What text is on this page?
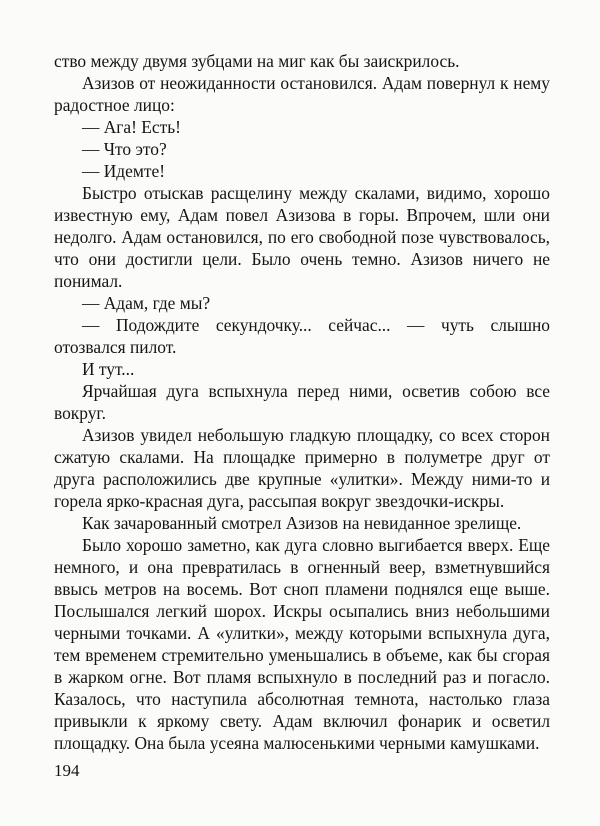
ство между двумя зубцами на миг как бы заискрилось.

Азизов от неожиданности остановился. Адам повернул к нему радостное лицо:

— Ага! Есть!

— Что это?

— Идемте!

Быстро отыскав расщелину между скалами, видимо, хорошо известную ему, Адам повел Азизова в горы. Впрочем, шли они недолго. Адам остановился, по его свободной позе чувствовалось, что они достигли цели. Было очень темно. Азизов ничего не понимал.

— Адам, где мы?

— Подождите секундочку... сейчас... — чуть слышно отозвался пилот.

И тут...

Ярчайшая дуга вспыхнула перед ними, осветив собою все вокруг.

Азизов увидел небольшую гладкую площадку, со всех сторон сжатую скалами. На площадке примерно в полуметре друг от друга расположились две крупные «улитки». Между ними-то и горела ярко-красная дуга, рассыпая вокруг звездочки-искры.

Как зачарованный смотрел Азизов на невиданное зрелище.

Было хорошо заметно, как дуга словно выгибается вверх. Еще немного, и она превратилась в огненный веер, взметнувшийся ввысь метров на восемь. Вот сноп пламени поднялся еще выше. Послышался легкий шорох. Искры осыпались вниз небольшими черными точками. А «улитки», между которыми вспыхнула дуга, тем временем стремительно уменьшались в объеме, как бы сгорая в жарком огне. Вот пламя вспыхнуло в последний раз и погасло. Казалось, что наступила абсолютная темнота, настолько глаза привыкли к яркому свету. Адам включил фонарик и осветил площадку. Она была усеяна малюсенькими черными камушками.

194
